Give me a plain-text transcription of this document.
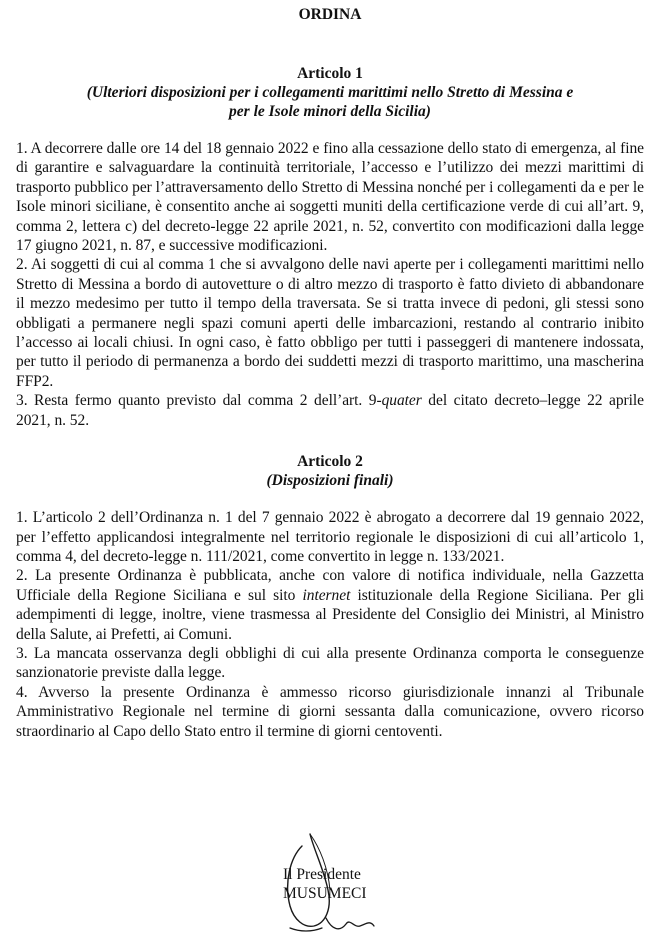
ORDINA

Articolo 1

(Ulteriori disposizioni per i collegamenti marittimi nello Stretto di Messina e

per le Isole minori della Sicilia)

1. A decorrere dalle ore 14 del 18 gennaio 2022 e fino alla cessazione dello stato di emergenza, al fine di garantire e salvaguardare la continuità territoriale, l’accesso e l’utilizzo dei mezzi marittimi di trasporto pubblico per l’attraversamento dello Stretto di Messina nonché per i collegamenti da e per le Isole minori siciliane, è consentito anche ai soggetti muniti della certificazione verde di cui all’art. 9, comma 2, lettera c) del decreto-legge 22 aprile 2021, n. 52, convertito con modificazioni dalla legge 17 giugno 2021, n. 87, e successive modificazioni.

2. Ai soggetti di cui al comma 1 che si avvalgono delle navi aperte per i collegamenti marittimi nello Stretto di Messina a bordo di autovetture o di altro mezzo di trasporto è fatto divieto di abbandonare il mezzo medesimo per tutto il tempo della traversata. Se si tratta invece di pedoni, gli stessi sono obbligati a permanere negli spazi comuni aperti delle imbarcazioni, restando al contrario inibito l’accesso ai locali chiusi. In ogni caso, è fatto obbligo per tutti i passeggeri di mantenere indossata, per tutto il periodo di permanenza a bordo dei suddetti mezzi di trasporto marittimo, una mascherina FFP2.

3. Resta fermo quanto previsto dal comma 2 dell’art. 9-quater del citato decreto–legge 22 aprile 2021, n. 52.

Articolo 2

(Disposizioni finali)

1. L’articolo 2 dell’Ordinanza n. 1 del 7 gennaio 2022 è abrogato a decorrere dal 19 gennaio 2022, per l’effetto applicandosi integralmente nel territorio regionale le disposizioni di cui all’articolo 1, comma 4, del decreto-legge n. 111/2021, come convertito in legge n. 133/2021.

2. La presente Ordinanza è pubblicata, anche con valore di notifica individuale, nella Gazzetta Ufficiale della Regione Siciliana e sul sito internet istituzionale della Regione Siciliana. Per gli adempimenti di legge, inoltre, viene trasmessa al Presidente del Consiglio dei Ministri, al Ministro della Salute, ai Prefetti, ai Comuni.

3. La mancata osservanza degli obblighi di cui alla presente Ordinanza comporta le conseguenze sanzionatorie previste dalla legge.

4. Avverso la presente Ordinanza è ammesso ricorso giurisdizionale innanzi al Tribunale Amministrativo Regionale nel termine di giorni sessanta dalla comunicazione, ovvero ricorso straordinario al Capo dello Stato entro il termine di giorni centoventi.

Il Presidente
MUSUMECI
